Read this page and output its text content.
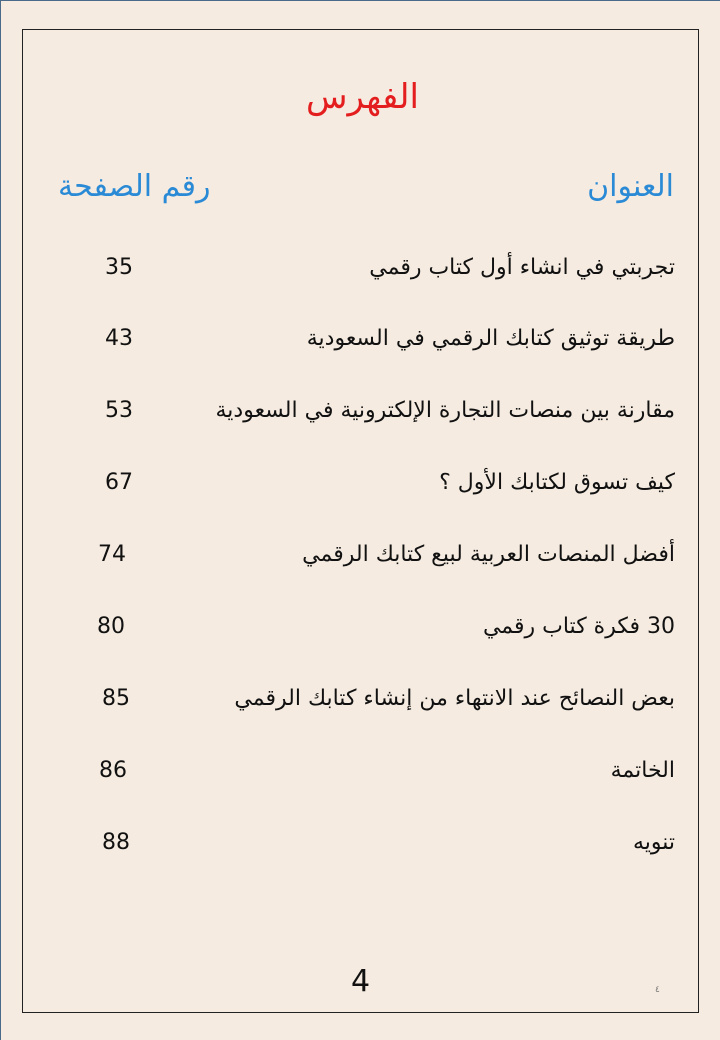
الفهرس
العنوان
رقم الصفحة
تجربتي في انشاء أول كتاب رقمي
35
طريقة توثيق كتابك الرقمي في السعودية
43
مقارنة بين منصات التجارة الإلكترونية في السعودية
53
كيف تسوق لكتابك الأول ؟
67
أفضل المنصات العربية لبيع كتابك الرقمي
74
30 فكرة كتاب رقمي
80
بعض النصائح عند الانتهاء من إنشاء كتابك الرقمي
85
الخاتمة
86
تنويه
88
4	٤
